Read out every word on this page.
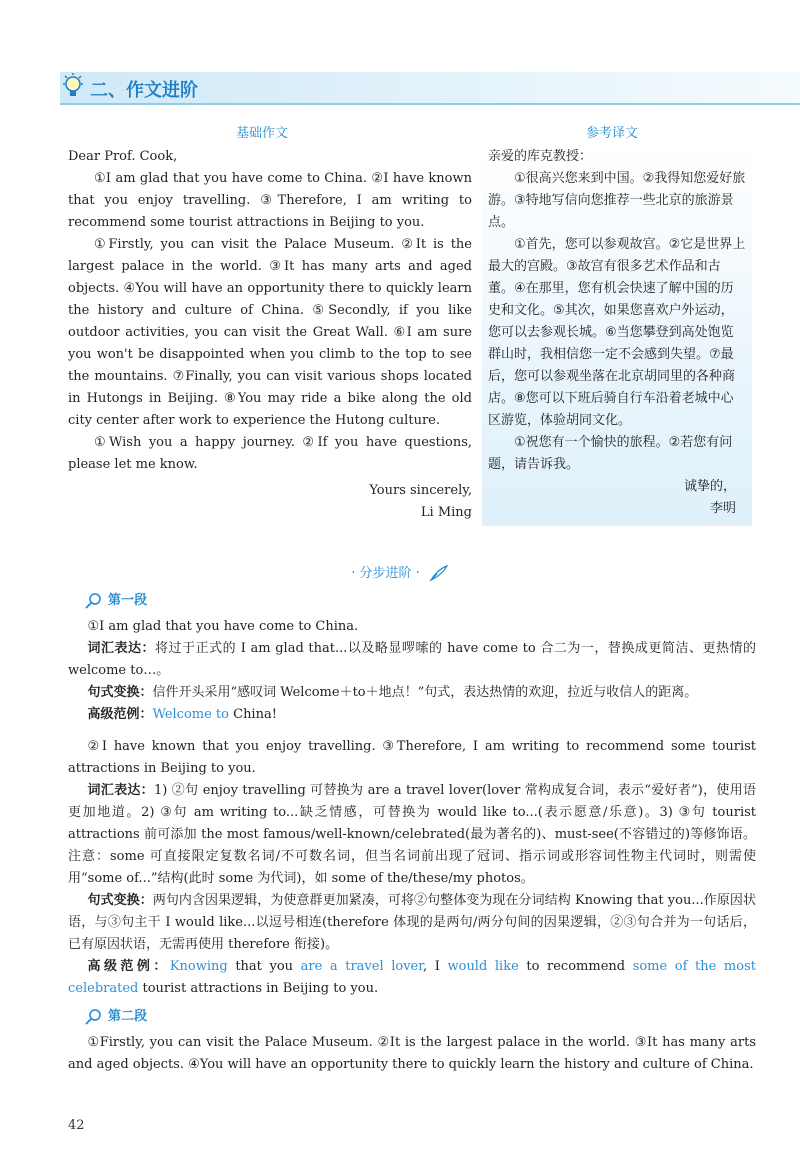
二、作文进阶
基础作文	参考译文

Dear Prof. Cook,

①I am glad that you have come to China. ②I have known that you enjoy travelling. ③Therefore, I am writing to recommend some tourist attractions in Beijing to you.

①Firstly, you can visit the Palace Museum. ②It is the largest palace in the world. ③It has many arts and aged objects. ④You will have an opportunity there to quickly learn the history and culture of China. ⑤Secondly, if you like outdoor activities, you can visit the Great Wall. ⑥I am sure you won't be disappointed when you climb to the top to see the mountains. ⑦Finally, you can visit various shops located in Hutongs in Beijing. ⑧You may ride a bike along the old city center after work to experience the Hutong culture.

①Wish you a happy journey. ②If you have questions, please let me know.

Yours sincerely,

Li Ming

亲爱的库克教授：

①很高兴您来到中国。②我得知您爱好旅游。③特地写信向您推荐一些北京的旅游景点。

①首先，您可以参观故宫。②它是世界上最大的宫殿。③故宫有很多艺术作品和古董。④在那里，您有机会快速了解中国的历史和文化。⑤其次，如果您喜欢户外运动，您可以去参观长城。⑥当您攀登到高处饱览群山时，我相信您一定不会感到失望。⑦最后，您可以参观坐落在北京胡同里的各种商店。⑧您可以下班后骑自行车沿着老城中心区游览，体验胡同文化。

①祝您有一个愉快的旅程。②若您有问题，请告诉我。

诚挚的，

李明

· 分步进阶 ·
第一段

①I am glad that you have come to China.

词汇表达：将过于正式的 I am glad that...以及略显啰嗦的 have come to 合二为一，替换成更简洁、更热情的 welcome to…。

句式变换：信件开头采用“感叹词 Welcome＋to＋地点！”句式，表达热情的欢迎，拉近与收信人的距离。

高级范例：Welcome to China!

②I have known that you enjoy travelling. ③Therefore, I am writing to recommend some tourist attractions in Beijing to you.

词汇表达：1) ②句 enjoy travelling 可替换为 are a travel lover(lover 常构成复合词，表示“爱好者”)，使用语更加地道。2) ③句 am writing to...缺乏情感，可替换为 would like to...(表示愿意/乐意)。3) ③句 tourist attractions 前可添加 the most famous/well-known/celebrated(最为著名的)、must-see(不容错过的)等修饰语。注意：some 可直接限定复数名词/不可数名词，但当名词前出现了冠词、指示词或形容词性物主代词时，则需使用“some of...”结构(此时 some 为代词)，如 some of the/these/my photos。

句式变换：两句内含因果逻辑，为使意群更加紧凑，可将②句整体变为现在分词结构 Knowing that you...作原因状语，与③句主干 I would like...以逗号相连(therefore 体现的是两句/两分句间的因果逻辑，②③句合并为一句话后，已有原因状语，无需再使用 therefore 衔接)。

高级范例：Knowing that you are a travel lover, I would like to recommend some of the most celebrated tourist attractions in Beijing to you.

第二段

①Firstly, you can visit the Palace Museum. ②It is the largest palace in the world. ③It has many arts and aged objects. ④You will have an opportunity there to quickly learn the history and culture of China.

42
